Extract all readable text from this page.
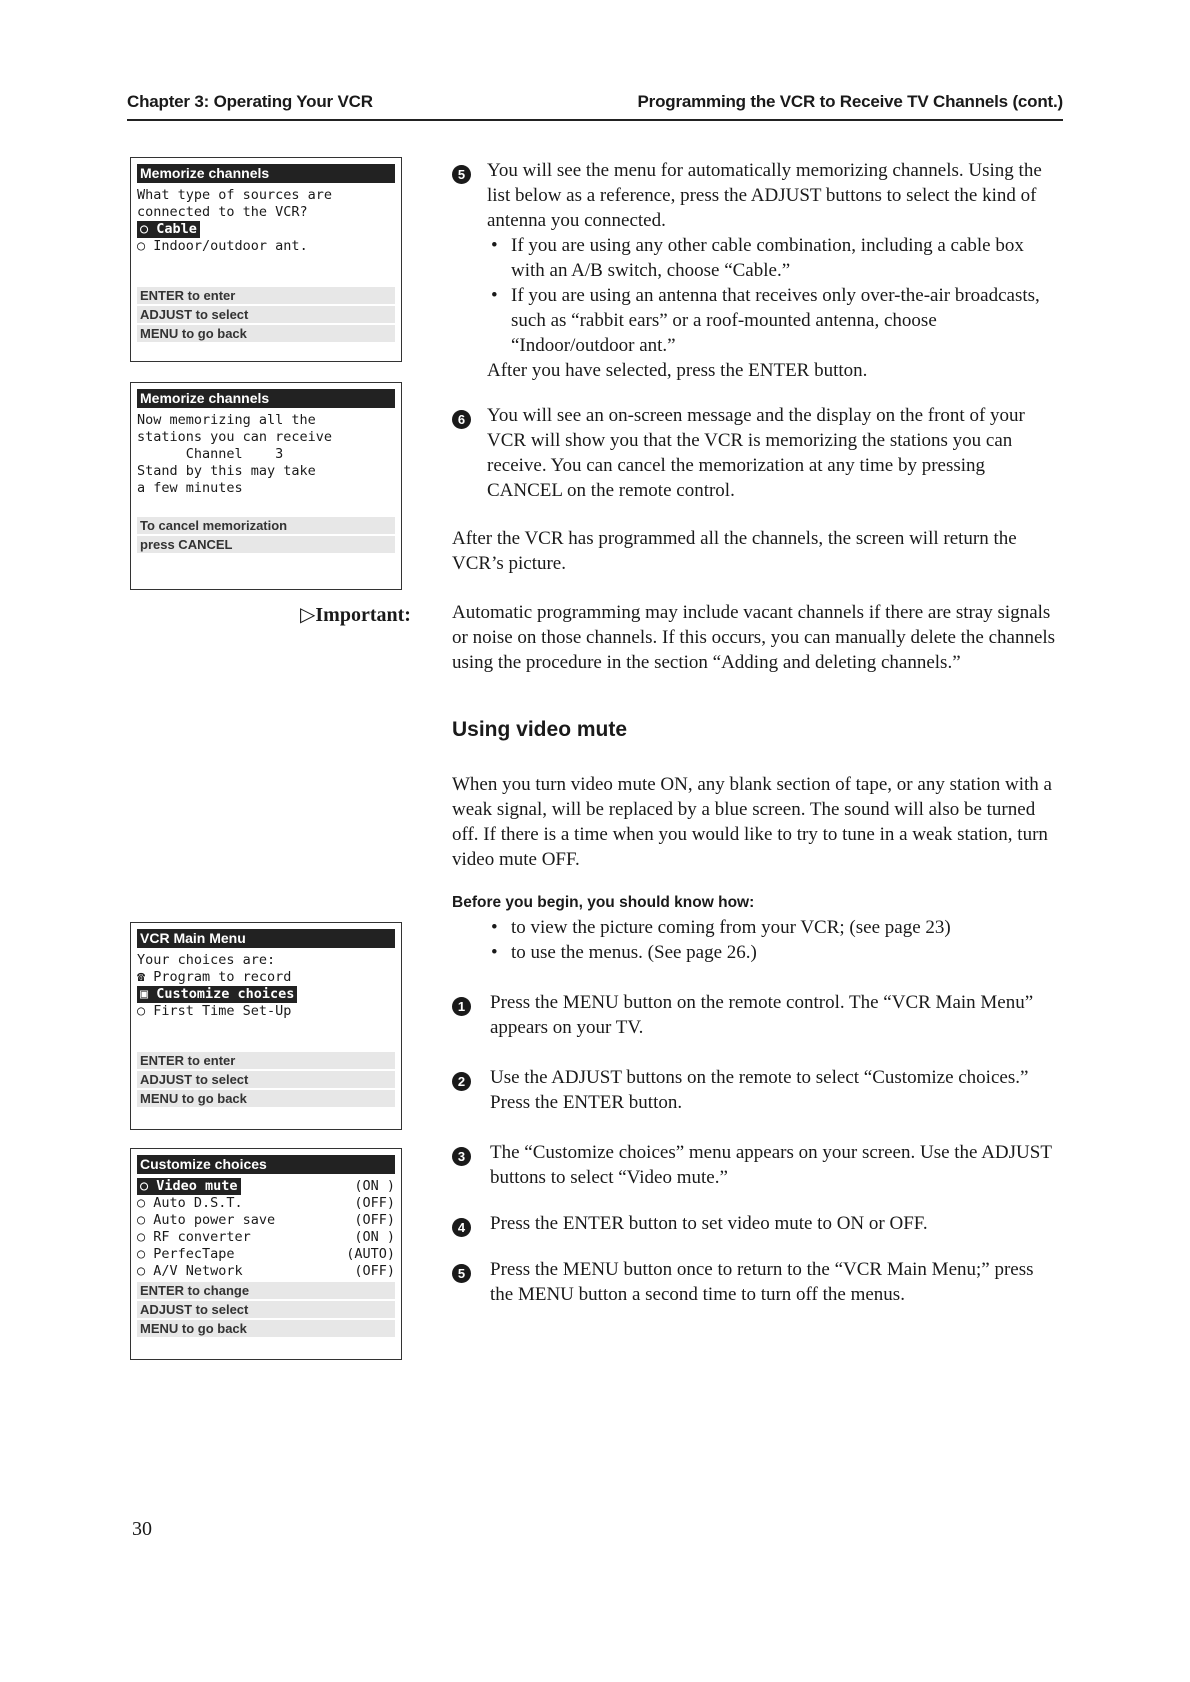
Chapter 3: Operating Your VCR	Programming the VCR to Receive TV Channels (cont.)
Memorize channels
What type of sources are
connected to the VCR?
○ Cable
○ Indoor/outdoor ant.
ENTER to enter
ADJUST to select
MENU to go back
Memorize channels
Now memorizing all the
stations you can receive
Channel    3
Stand by this may take
a few minutes
To cancel memorization
press CANCEL
VCR Main Menu
Your choices are:
☎ Program to record
▣ Customize choices
○ First Time Set-Up
ENTER to enter
ADJUST to select
MENU to go back
Customize choices
○ Video mute	(ON )
○ Auto D.S.T.	(OFF)
○ Auto power save	(OFF)
○ RF converter	(ON )
○ PerfecTape	(AUTO)
○ A/V Network	(OFF)
ENTER to change
ADJUST to select
MENU to go back
5	You will see the menu for automatically memorizing channels. Using the list below as a reference, press the ADJUST buttons to select the kind of antenna you connected.
• If you are using any other cable combination, including a cable box with an A/B switch, choose “Cable.”
• If you are using an antenna that receives only over-the-air broadcasts, such as “rabbit ears” or a roof-mounted antenna, choose “Indoor/outdoor ant.”
After you have selected, press the ENTER button.
6	You will see an on-screen message and the display on the front of your VCR will show you that the VCR is memorizing the stations you can receive. You can cancel the memorization at any time by pressing CANCEL on the remote control.
After the VCR has programmed all the channels, the screen will return the VCR’s picture.
▷Important: Automatic programming may include vacant channels if there are stray signals or noise on those channels. If this occurs, you can manually delete the channels using the procedure in the section “Adding and deleting channels.”
Using video mute
When you turn video mute ON, any blank section of tape, or any station with a weak signal, will be replaced by a blue screen. The sound will also be turned off. If there is a time when you would like to try to tune in a weak station, turn video mute OFF.
Before you begin, you should know how:
• to view the picture coming from your VCR; (see page 23)
• to use the menus. (See page 26.)
1	Press the MENU button on the remote control. The “VCR Main Menu” appears on your TV.
2	Use the ADJUST buttons on the remote to select “Customize choices.” Press the ENTER button.
3	The “Customize choices” menu appears on your screen. Use the ADJUST buttons to select “Video mute.”
4	Press the ENTER button to set video mute to ON or OFF.
5	Press the MENU button once to return to the “VCR Main Menu;” press the MENU button a second time to turn off the menus.
30
